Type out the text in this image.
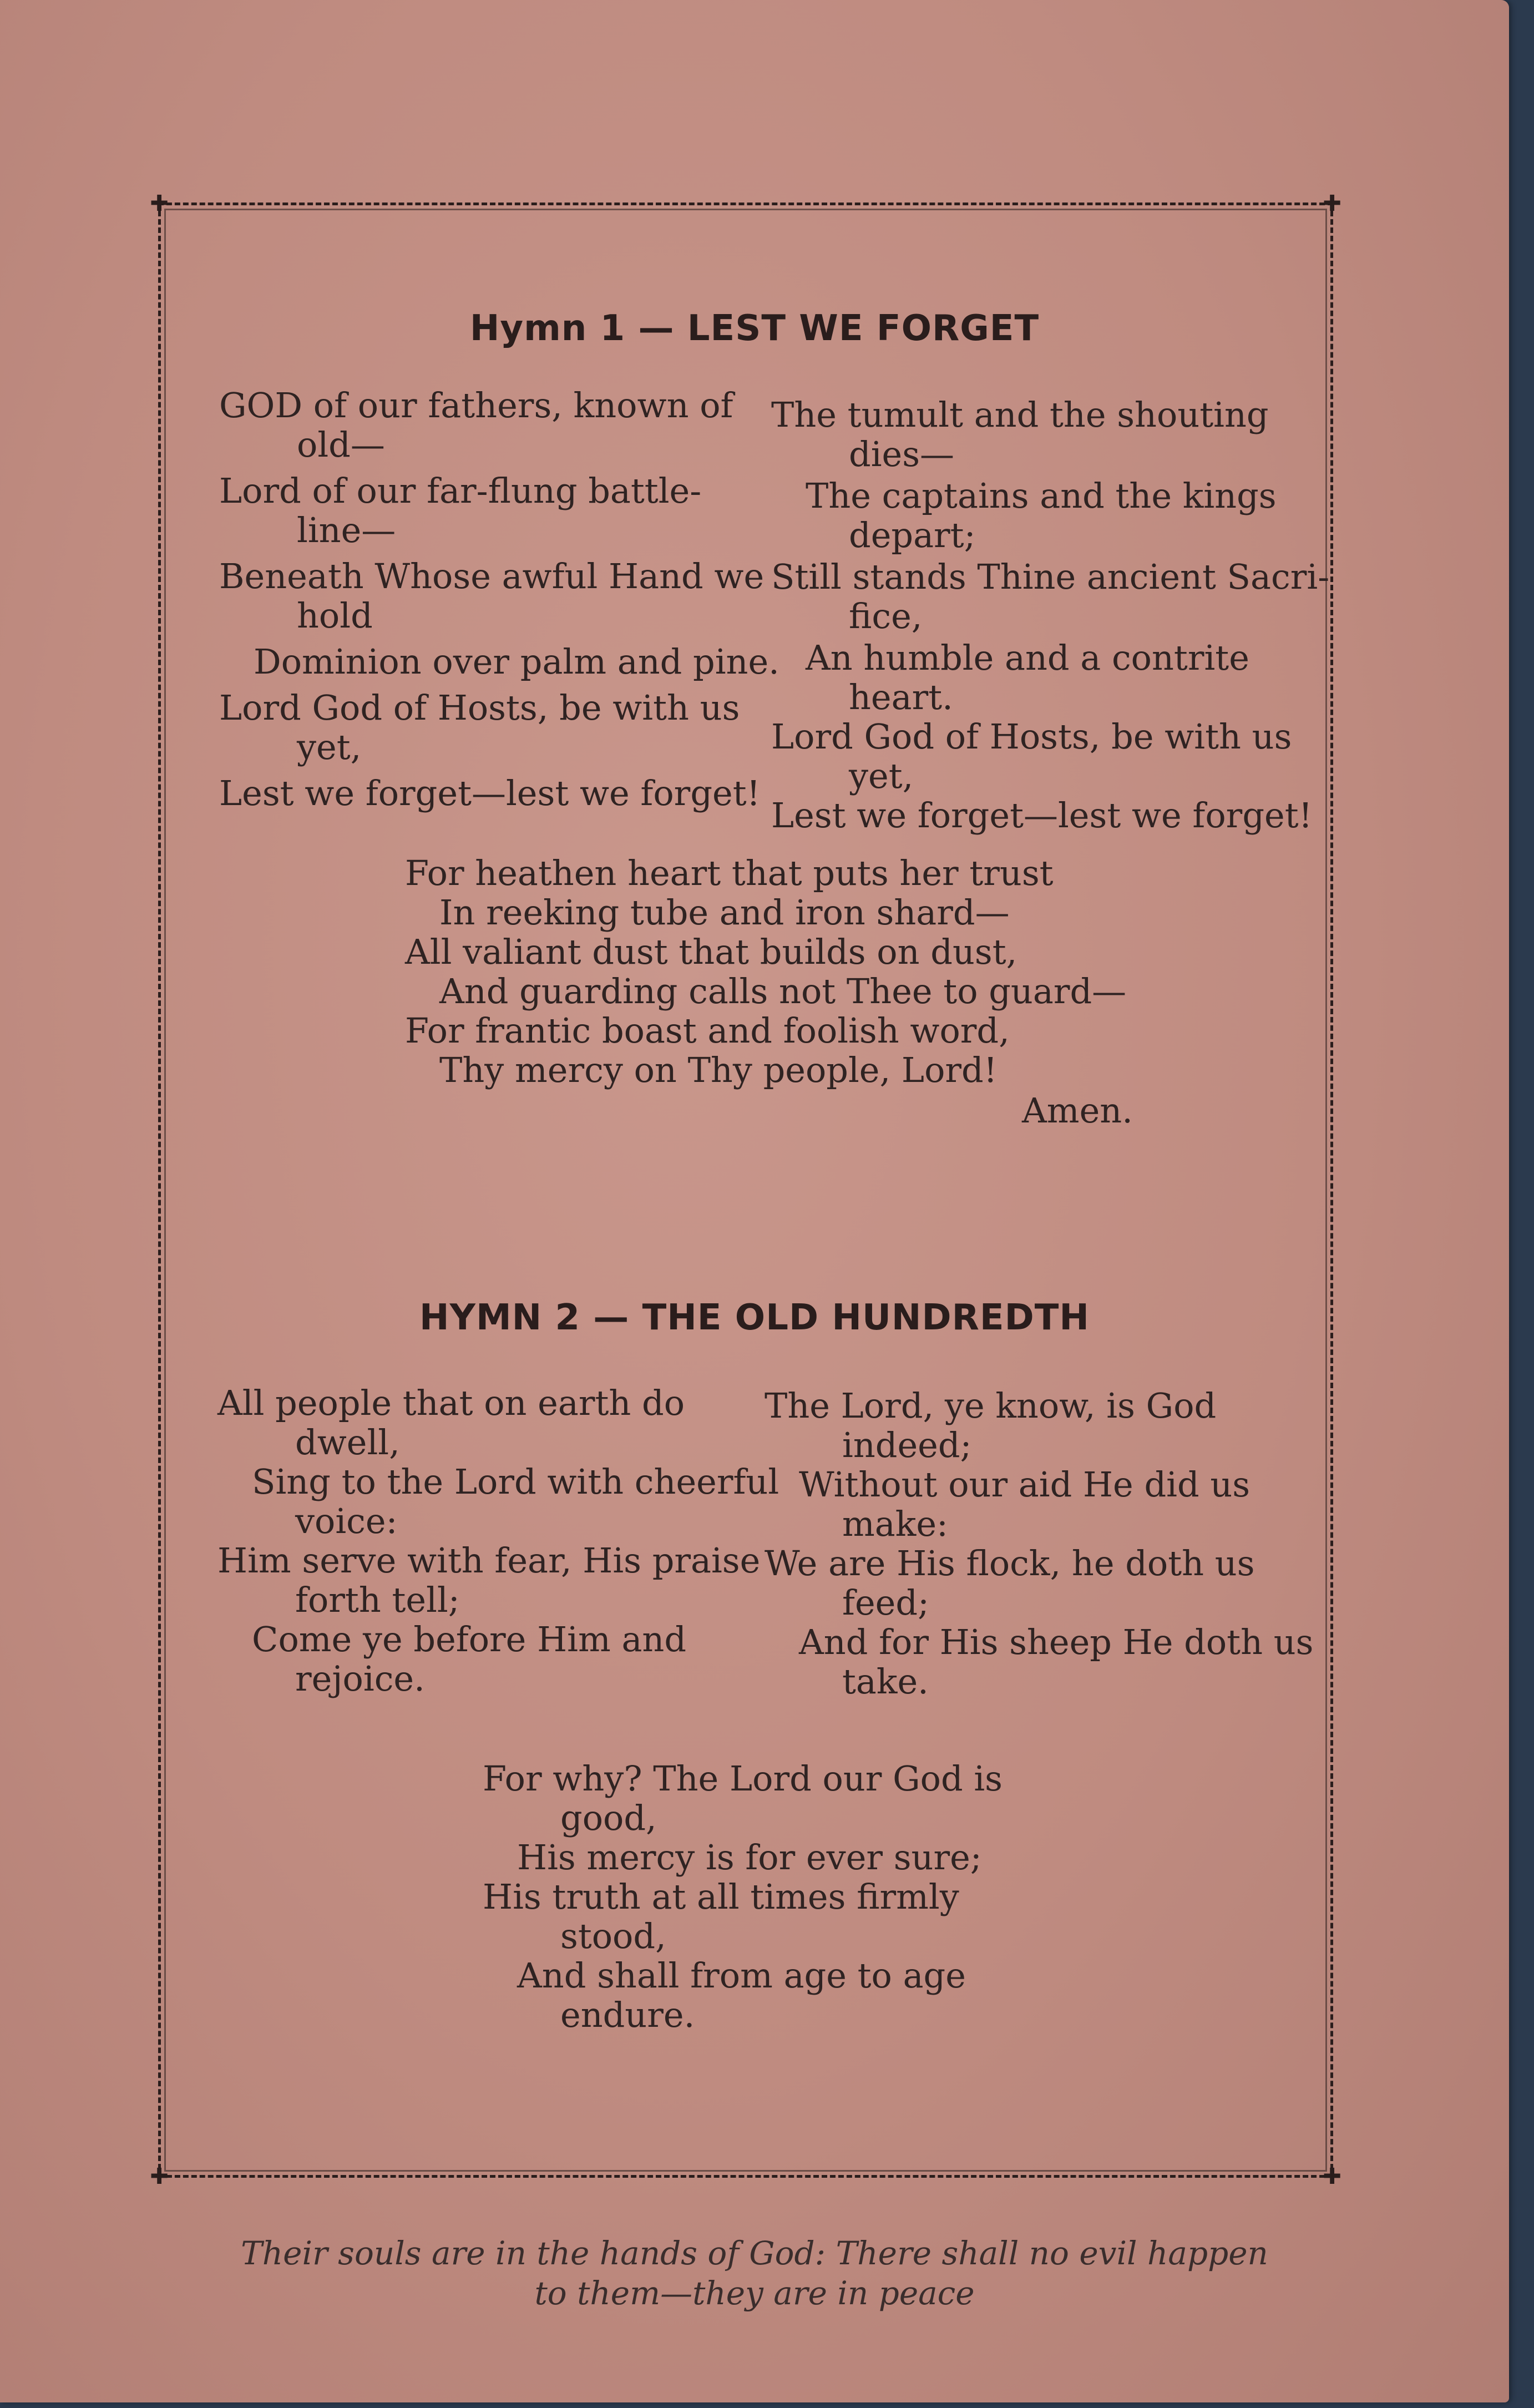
✚	✚
✚	✚
Hymn 1 — LEST WE FORGET
GOD of our fathers, known of
old—
Lord of our far-flung battle-
line—
Beneath Whose awful Hand we
hold
Dominion over palm and pine.
Lord God of Hosts, be with us
yet,
Lest we forget—lest we forget!
The tumult and the shouting
dies—
The captains and the kings
depart;
Still stands Thine ancient Sacri-
fice,
An humble and a contrite
heart.
Lord God of Hosts, be with us
yet,
Lest we forget—lest we forget!
For heathen heart that puts her trust
In reeking tube and iron shard—
All valiant dust that builds on dust,
And guarding calls not Thee to guard—
For frantic boast and foolish word,
Thy mercy on Thy people, Lord!
Amen.
HYMN 2 — THE OLD HUNDREDTH
All people that on earth do
dwell,
Sing to the Lord with cheerful
voice:
Him serve with fear, His praise
forth tell;
Come ye before Him and
rejoice.
The Lord, ye know, is God
indeed;
Without our aid He did us
make:
We are His flock, he doth us
feed;
And for His sheep He doth us
take.
For why? The Lord our God is
good,
His mercy is for ever sure;
His truth at all times firmly
stood,
And shall from age to age
endure.
Their souls are in the hands of God: There shall no evil happen
to them—they are in peace
